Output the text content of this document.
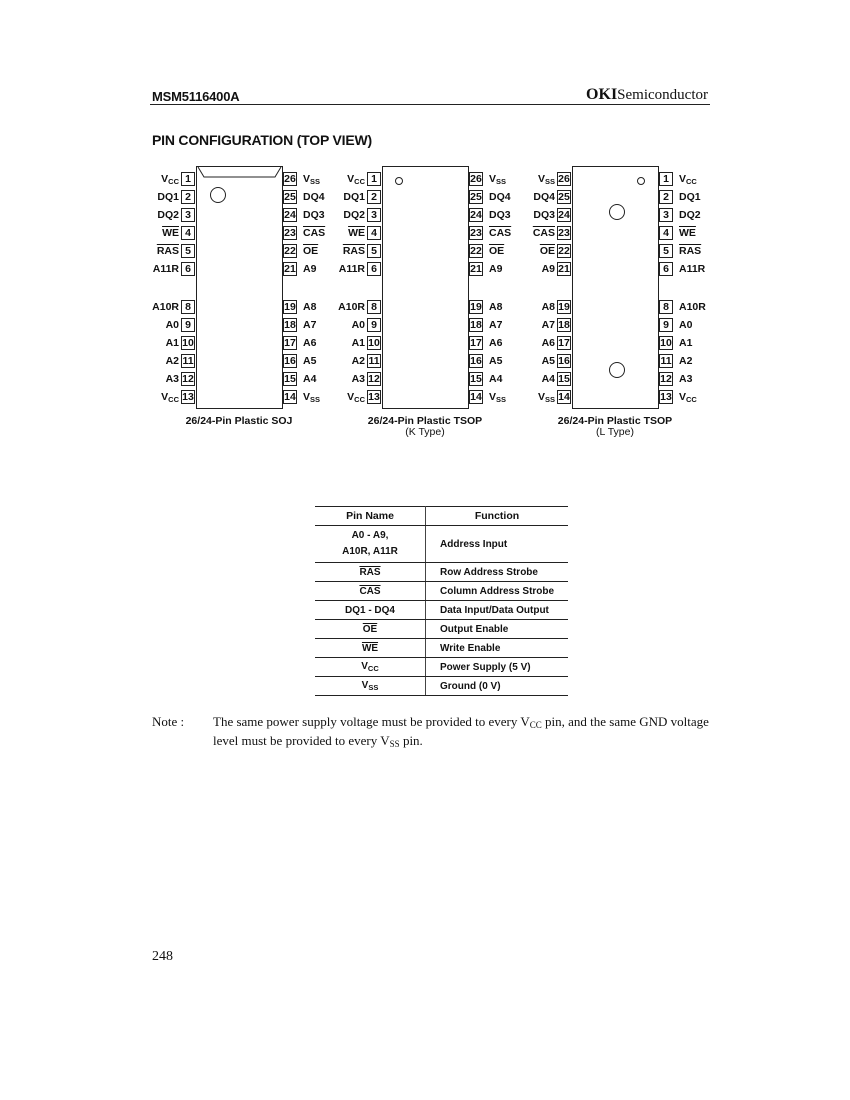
MSM5116400A	OKISemiconductor
PIN CONFIGURATION (TOP VIEW)
$V_{CC}$ 1
DQ1 2
DQ2 3
$\overline{WE}$ 4
$\overline{RAS}$ 5
A11R 6
A10R 8
A0 9
A1 10
A2 11
A3 12
$V_{CC}$ 13
26 $V_{SS}$
25 DQ4
24 DQ3
23 $\overline{CAS}$
22 $\overline{OE}$
21 A9
19 A8
18 A7
17 A6
16 A5
15 A4
14 $V_{SS}$
26/24-Pin Plastic SOJ
$V_{CC}$ 1
DQ1 2
DQ2 3
$\overline{WE}$ 4
$\overline{RAS}$ 5
A11R 6
A10R 8
A0 9
A1 10
A2 11
A3 12
$V_{CC}$ 13
26 $V_{SS}$
25 DQ4
24 DQ3
23 $\overline{CAS}$
22 $\overline{OE}$
21 A9
19 A8
18 A7
17 A6
16 A5
15 A4
14 $V_{SS}$
26/24-Pin Plastic TSOP
(K Type)
$V_{SS}$ 26
DQ4 25
DQ3 24
$\overline{CAS}$ 23
$\overline{OE}$ 22
A9 21
A8 19
A7 18
A6 17
A5 16
A4 15
$V_{SS}$ 14
1 $V_{CC}$
2 DQ1
3 DQ2
4 $\overline{WE}$
5 $\overline{RAS}$
6 A11R
8 A10R
9 A0
10 A1
11 A2
12 A3
13 $V_{CC}$
26/24-Pin Plastic TSOP
(L Type)
Pin Name	Function

A0 - A9,
A10R, A11R	Address Input
$\overline{RAS}$	Row Address Strobe
$\overline{CAS}$	Column Address Strobe
DQ1 - DQ4	Data Input/Data Output
$\overline{OE}$	Output Enable
$\overline{WE}$	Write Enable
$V_{CC}$	Power Supply (5 V)
$V_{SS}$	Ground (0 V)
Note : The same power supply voltage must be provided to every $V_{CC}$ pin, and the same GND voltage level must be provided to every $V_{SS}$ pin.
248
